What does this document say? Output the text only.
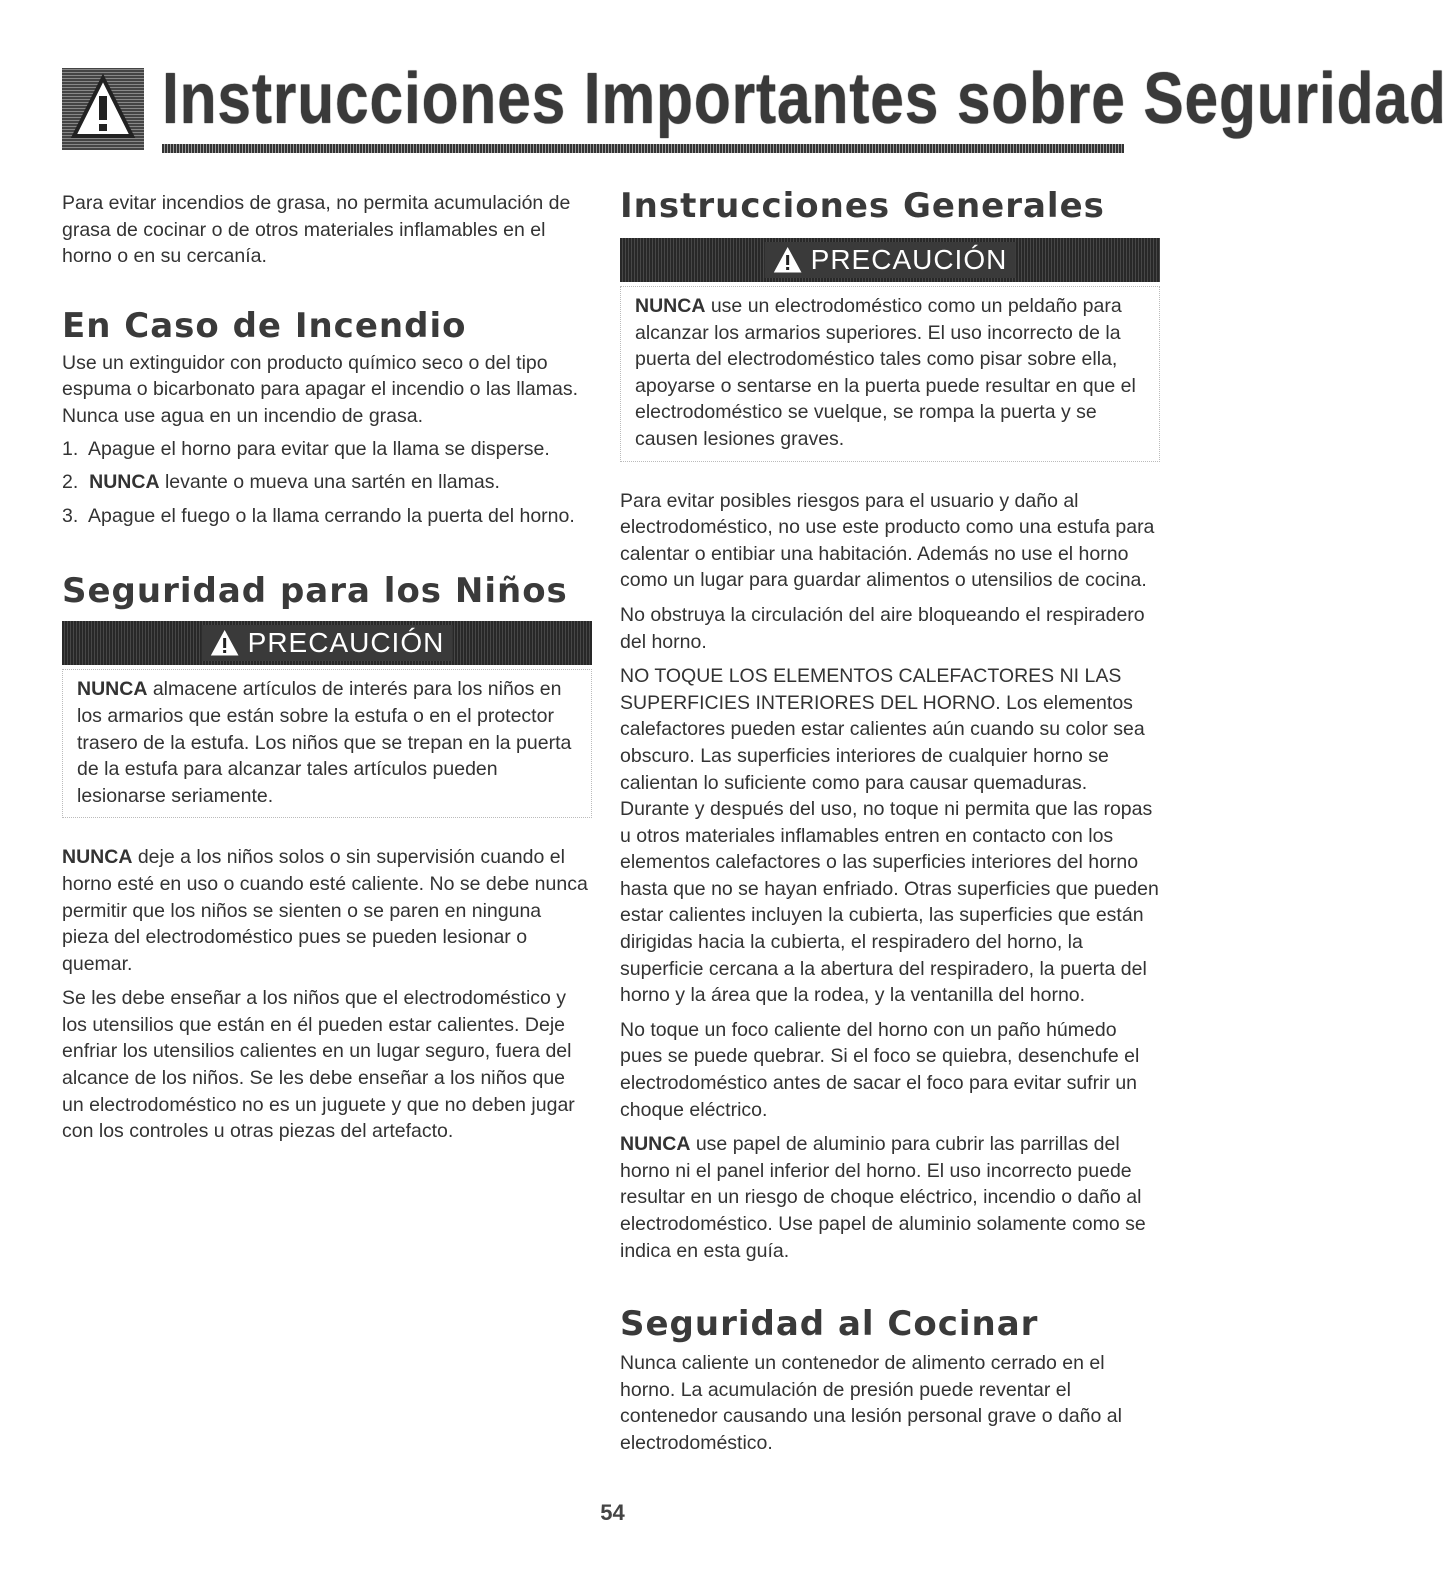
Instrucciones Importantes sobre Seguridad

Para evitar incendios de grasa, no permita acumulación de grasa de cocinar o de otros materiales inflamables en el horno o en su cercanía.

En Caso de Incendio

Use un extinguidor con producto químico seco o del tipo espuma o bicarbonato para apagar el incendio o las llamas. Nunca use agua en un incendio de grasa.

1. Apague el horno para evitar que la llama se disperse.

2. NUNCA levante o mueva una sartén en llamas.

3. Apague el fuego o la llama cerrando la puerta del horno.

Seguridad para los Niños
PRECAUCIÓN

NUNCA almacene artículos de interés para los niños en los armarios que están sobre la estufa o en el protector trasero de la estufa. Los niños que se trepan en la puerta de la estufa para alcanzar tales artículos pueden lesionarse seriamente.

NUNCA deje a los niños solos o sin supervisión cuando el horno esté en uso o cuando esté caliente. No se debe nunca permitir que los niños se sienten o se paren en ninguna pieza del electrodoméstico pues se pueden lesionar o quemar.

Se les debe enseñar a los niños que el electrodoméstico y los utensilios que están en él pueden estar calientes. Deje enfriar los utensilios calientes en un lugar seguro, fuera del alcance de los niños. Se les debe enseñar a los niños que un electrodoméstico no es un juguete y que no deben jugar con los controles u otras piezas del artefacto.

Instrucciones Generales
PRECAUCIÓN

NUNCA use un electrodoméstico como un peldaño para alcanzar los armarios superiores. El uso incorrecto de la puerta del electrodoméstico tales como pisar sobre ella, apoyarse o sentarse en la puerta puede resultar en que el electrodoméstico se vuelque, se rompa la puerta y se causen lesiones graves.

Para evitar posibles riesgos para el usuario y daño al electrodoméstico, no use este producto como una estufa para calentar o entibiar una habitación. Además no use el horno como un lugar para guardar alimentos o utensilios de cocina.

No obstruya la circulación del aire bloqueando el respiradero del horno.

NO TOQUE LOS ELEMENTOS CALEFACTORES NI LAS SUPERFICIES INTERIORES DEL HORNO. Los elementos calefactores pueden estar calientes aún cuando su color sea obscuro. Las superficies interiores de cualquier horno se calientan lo suficiente como para causar quemaduras. Durante y después del uso, no toque ni permita que las ropas u otros materiales inflamables entren en contacto con los elementos calefactores o las superficies interiores del horno hasta que no se hayan enfriado. Otras superficies que pueden estar calientes incluyen la cubierta, las superficies que están dirigidas hacia la cubierta, el respiradero del horno, la superficie cercana a la abertura del respiradero, la puerta del horno y la área que la rodea, y la ventanilla del horno.

No toque un foco caliente del horno con un paño húmedo pues se puede quebrar. Si el foco se quiebra, desenchufe el electrodoméstico antes de sacar el foco para evitar sufrir un choque eléctrico.

NUNCA use papel de aluminio para cubrir las parrillas del horno ni el panel inferior del horno. El uso incorrecto puede resultar en un riesgo de choque eléctrico, incendio o daño al electrodoméstico. Use papel de aluminio solamente como se indica en esta guía.

Seguridad al Cocinar

Nunca caliente un contenedor de alimento cerrado en el horno. La acumulación de presión puede reventar el contenedor causando una lesión personal grave o daño al electrodoméstico.

54
